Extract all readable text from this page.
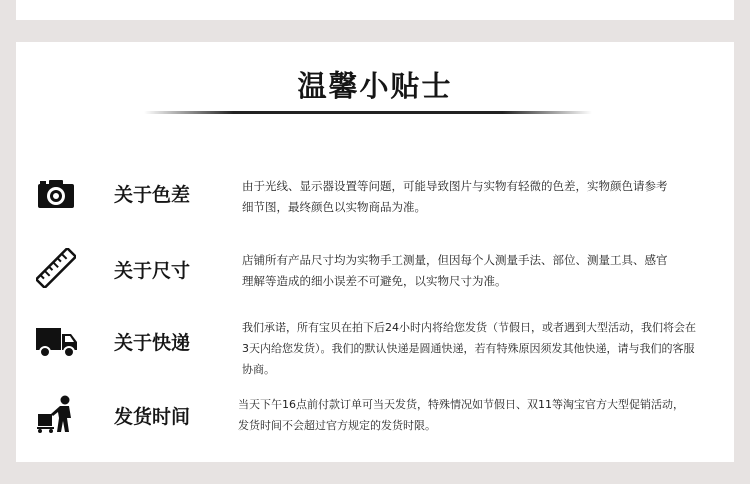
温馨小贴士
关于色差	由于光线、显示器设置等问题，可能导致图片与实物有轻微的色差，实物颜色请参考
细节图，最终颜色以实物商品为准。
关于尺寸	店铺所有产品尺寸均为实物手工测量，但因每个人测量手法、部位、测量工具、感官
理解等造成的细小误差不可避免，以实物尺寸为准。
关于快递
我们承诺，所有宝贝在拍下后24小时内将给您发货（节假日，或者遇到大型活动，我们将会在
3天内给您发货）。我们的默认快递是圆通快递，若有特殊原因须发其他快递，请与我们的客服
协商。
发货时间
当天下午16点前付款订单可当天发货，特殊情况如节假日、双11等淘宝官方大型促销活动，
发货时间不会超过官方规定的发货时限。
